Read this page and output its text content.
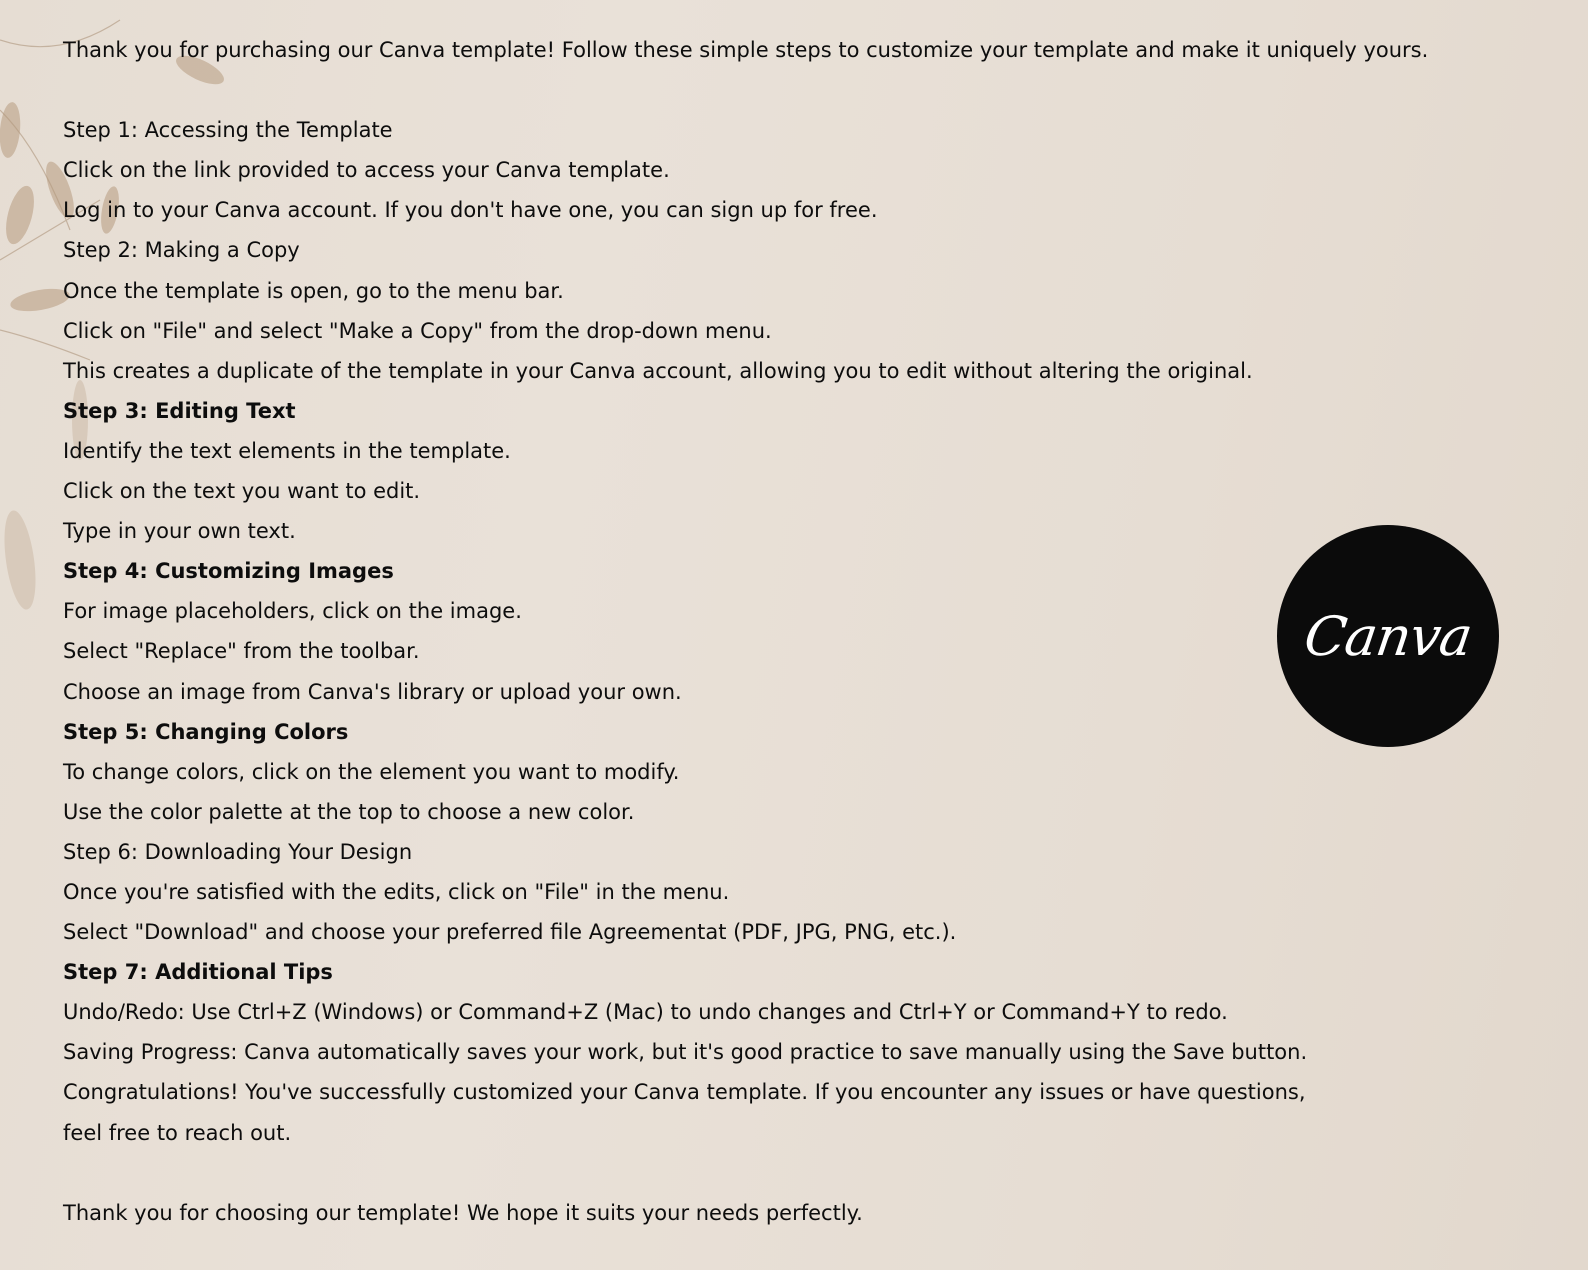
Thank you for purchasing our Canva template! Follow these simple steps to customize your template and make it uniquely yours.
Step 1: Accessing the Template
Click on the link provided to access your Canva template.
Log in to your Canva account. If you don't have one, you can sign up for free.
Step 2: Making a Copy
Once the template is open, go to the menu bar.
Click on "File" and select "Make a Copy" from the drop-down menu.
This creates a duplicate of the template in your Canva account, allowing you to edit without altering the original.
Step 3: Editing Text
Identify the text elements in the template.
Click on the text you want to edit.
Type in your own text.
Step 4: Customizing Images
For image placeholders, click on the image.
Select "Replace" from the toolbar.
Choose an image from Canva's library or upload your own.
Step 5: Changing Colors
To change colors, click on the element you want to modify.
Use the color palette at the top to choose a new color.
Step 6: Downloading Your Design
Once you're satisfied with the edits, click on "File" in the menu.
Select "Download" and choose your preferred file Agreementat (PDF, JPG, PNG, etc.).
Step 7: Additional Tips
Undo/Redo: Use Ctrl+Z (Windows) or Command+Z (Mac) to undo changes and Ctrl+Y or Command+Y to redo.
Saving Progress: Canva automatically saves your work, but it's good practice to save manually using the Save button.
Congratulations! You've successfully customized your Canva template. If you encounter any issues or have questions,
feel free to reach out.
Thank you for choosing our template! We hope it suits your needs perfectly.
Canva
